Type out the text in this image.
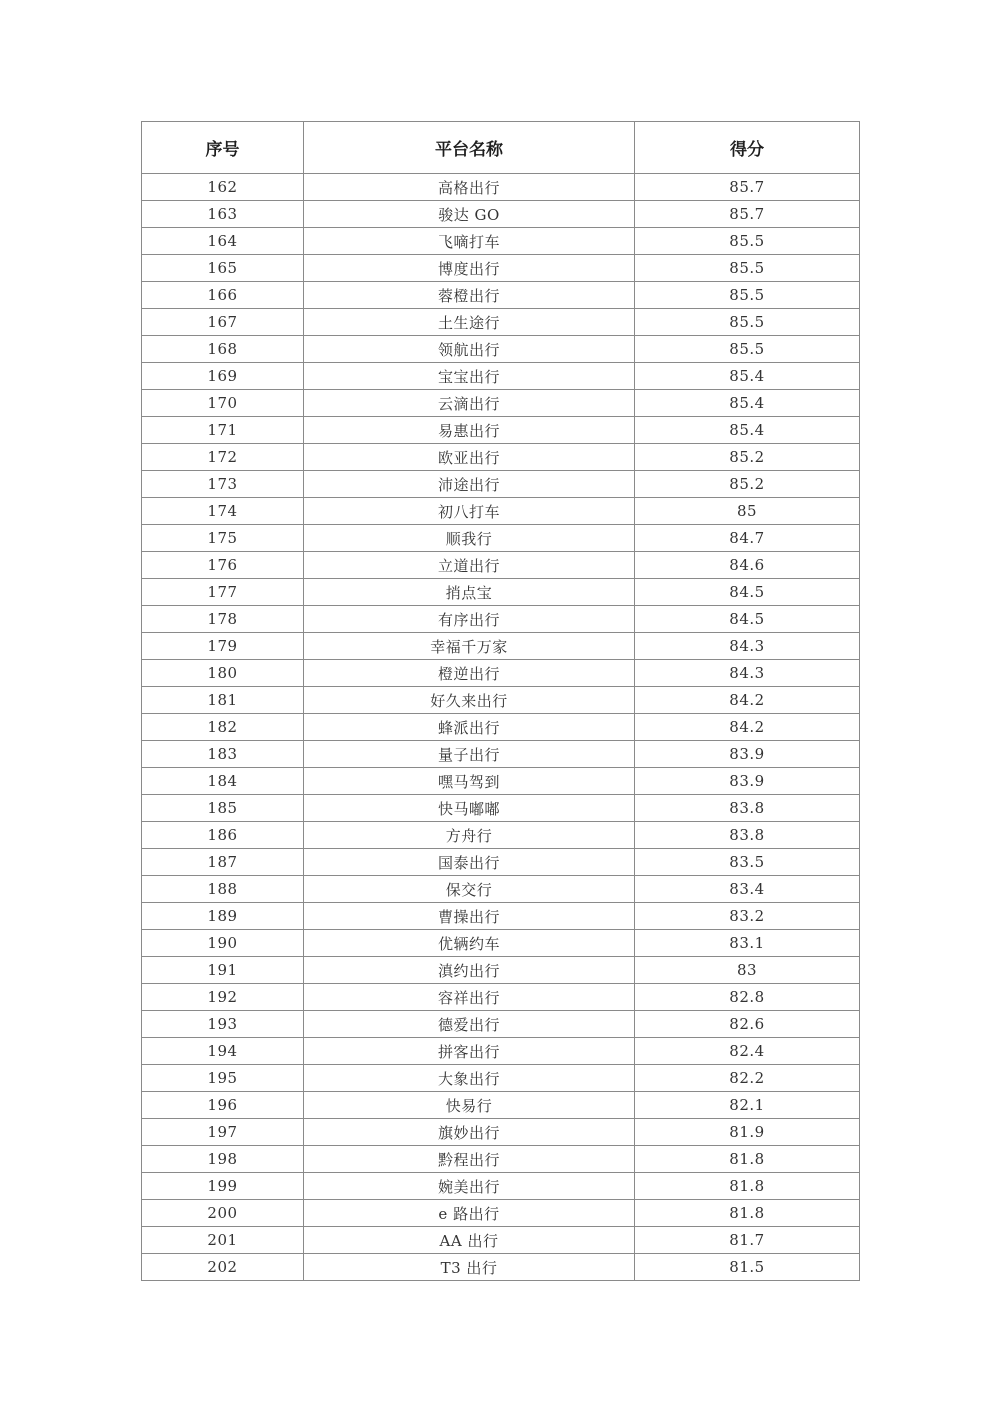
序号	平台名称	得分
162	高格出行	85.7
163	骏达 GO	85.7
164	飞嘀打车	85.5
165	博度出行	85.5
166	蓉橙出行	85.5
167	土生途行	85.5
168	领航出行	85.5
169	宝宝出行	85.4
170	云滴出行	85.4
171	易惠出行	85.4
172	欧亚出行	85.2
173	沛途出行	85.2
174	初八打车	85
175	顺我行	84.7
176	立道出行	84.6
177	捎点宝	84.5
178	有序出行	84.5
179	幸福千万家	84.3
180	橙逆出行	84.3
181	好久来出行	84.2
182	蜂派出行	84.2
183	量子出行	83.9
184	嘿马驾到	83.9
185	快马嘟嘟	83.8
186	方舟行	83.8
187	国泰出行	83.5
188	保交行	83.4
189	曹操出行	83.2
190	优辆约车	83.1
191	滇约出行	83
192	容祥出行	82.8
193	德爱出行	82.6
194	拼客出行	82.4
195	大象出行	82.2
196	快易行	82.1
197	旗妙出行	81.9
198	黔程出行	81.8
199	婉美出行	81.8
200	e 路出行	81.8
201	AA 出行	81.7
202	T3 出行	81.5
